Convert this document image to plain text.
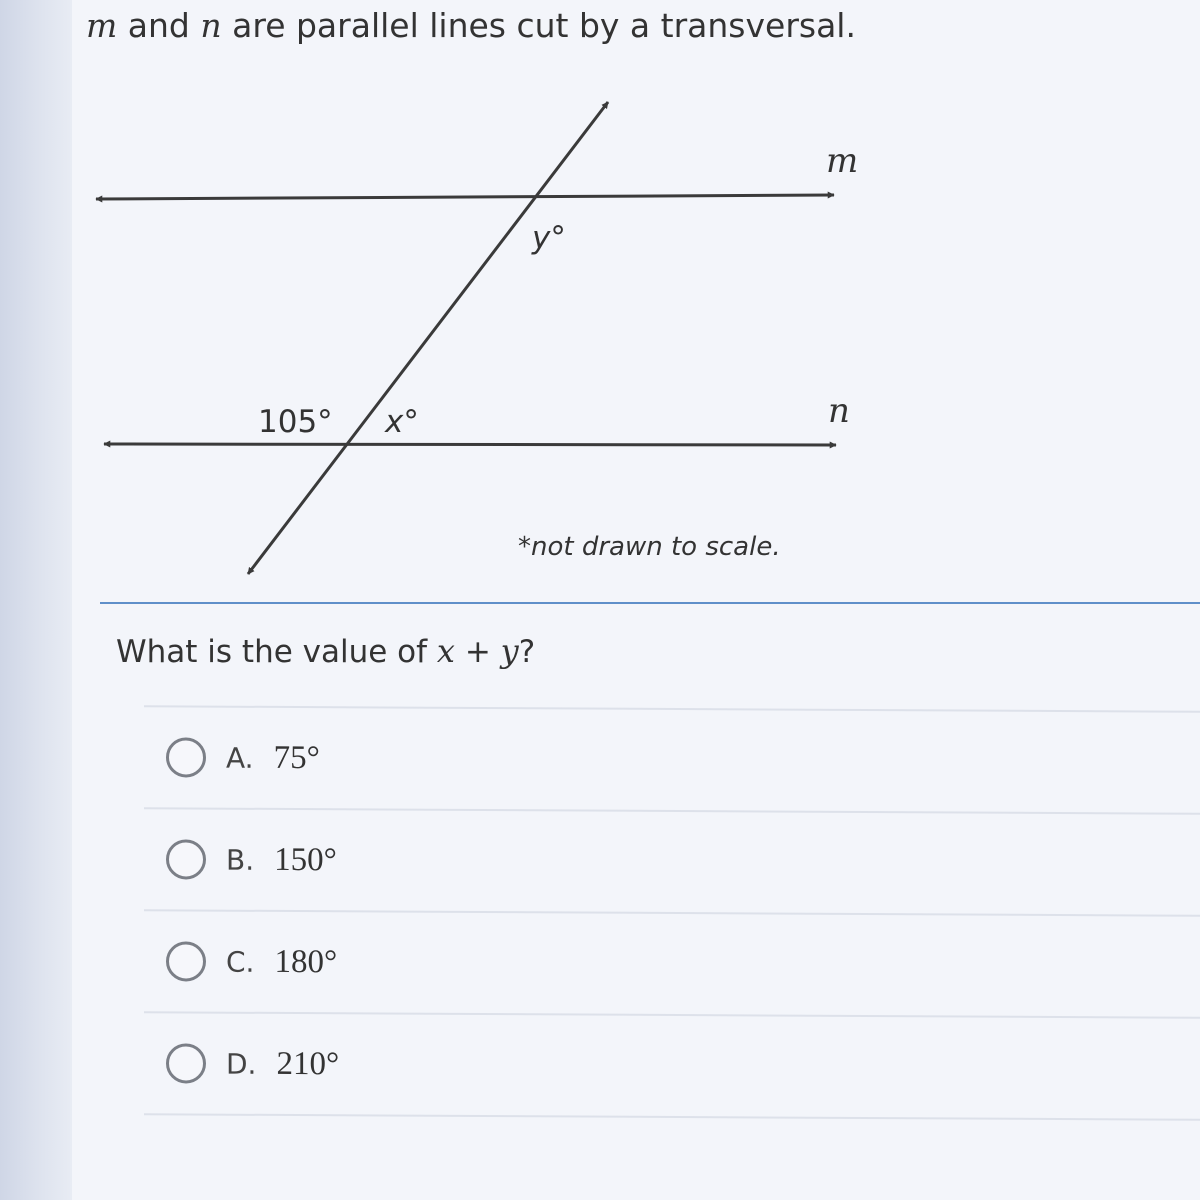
m and n are parallel lines cut by a transversal.

m
n
y°
105° x°
*not drawn to scale.

What is the value of x + y?

A. 75°
B. 150°
C. 180°
D. 210°
